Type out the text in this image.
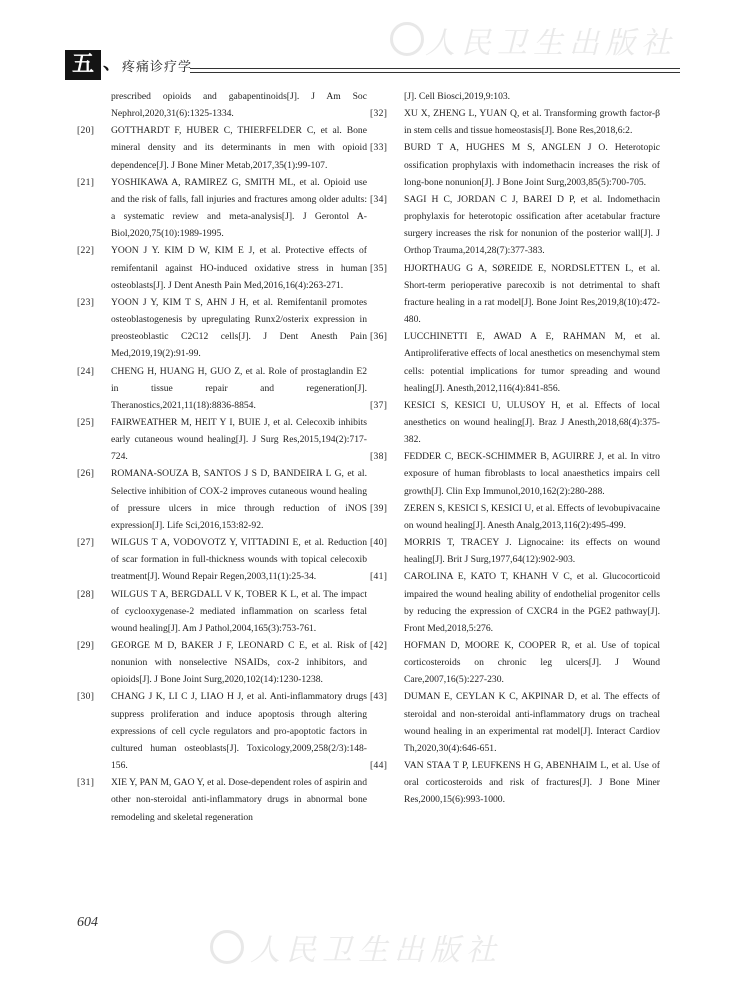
五 、 疼痛诊疗学
人民卫生出版社
人民卫生出版社
prescribed opioids and gabapentinoids[J]. J Am Soc Nephrol,2020,31(6):1325-1334.
[20]	GOTTHARDT F, HUBER C, THIERFELDER C, et al. Bone mineral density and its determinants in men with opioid dependence[J]. J Bone Miner Metab,2017,35(1):99-107.
[21]	YOSHIKAWA A, RAMIREZ G, SMITH ML, et al. Opioid use and the risk of falls, fall injuries and fractures among older adults: a systematic review and meta-analysis[J]. J Gerontol A-Biol,2020,75(10):1989-1995.
[22]	YOON J Y. KIM D W, KIM E J, et al. Protective effects of remifentanil against HO-induced oxidative stress in human osteoblasts[J]. J Dent Anesth Pain Med,2016,16(4):263-271.
[23]	YOON J Y, KIM T S, AHN J H, et al. Remifentanil promotes osteoblastogenesis by upregulating Runx2/osterix expression in preosteoblastic C2C12 cells[J]. J Dent Anesth Pain Med,2019,19(2):91-99.
[24]	CHENG H, HUANG H, GUO Z, et al. Role of prostaglandin E2 in tissue repair and regeneration[J]. Theranostics,2021,11(18):8836-8854.
[25]	FAIRWEATHER M, HEIT Y I, BUIE J, et al. Celecoxib inhibits early cutaneous wound healing[J]. J Surg Res,2015,194(2):717-724.
[26]	ROMANA-SOUZA B, SANTOS J S D, BANDEIRA L G, et al. Selective inhibition of COX-2 improves cutaneous wound healing of pressure ulcers in mice through reduction of iNOS expression[J]. Life Sci,2016,153:82-92.
[27]	WILGUS T A, VODOVOTZ Y, VITTADINI E, et al. Reduction of scar formation in full-thickness wounds with topical celecoxib treatment[J]. Wound Repair Regen,2003,11(1):25-34.
[28]	WILGUS T A, BERGDALL V K, TOBER K L, et al. The impact of cyclooxygenase-2 mediated inflammation on scarless fetal wound healing[J]. Am J Pathol,2004,165(3):753-761.
[29]	GEORGE M D, BAKER J F, LEONARD C E, et al. Risk of nonunion with nonselective NSAIDs, cox-2 inhibitors, and opioids[J]. J Bone Joint Surg,2020,102(14):1230-1238.
[30]	CHANG J K, LI C J, LIAO H J, et al. Anti-inflammatory drugs suppress proliferation and induce apoptosis through altering expressions of cell cycle regulators and pro-apoptotic factors in cultured human osteoblasts[J]. Toxicology,2009,258(2/3):148-156.
[31]	XIE Y, PAN M, GAO Y, et al. Dose-dependent roles of aspirin and other non-steroidal anti-inflammatory drugs in abnormal bone remodeling and skeletal regeneration
[J]. Cell Biosci,2019,9:103.
[32]	XU X, ZHENG L, YUAN Q, et al. Transforming growth factor-β in stem cells and tissue homeostasis[J]. Bone Res,2018,6:2.
[33]	BURD T A, HUGHES M S, ANGLEN J O. Heterotopic ossification prophylaxis with indomethacin increases the risk of long-bone nonunion[J]. J Bone Joint Surg,2003,85(5):700-705.
[34]	SAGI H C, JORDAN C J, BAREI D P, et al. Indomethacin prophylaxis for heterotopic ossification after acetabular fracture surgery increases the risk for nonunion of the posterior wall[J]. J Orthop Trauma,2014,28(7):377-383.
[35]	HJORTHAUG G A, SØREIDE E, NORDSLETTEN L, et al. Short-term perioperative parecoxib is not detrimental to shaft fracture healing in a rat model[J]. Bone Joint Res,2019,8(10):472-480.
[36]	LUCCHINETTI E, AWAD A E, RAHMAN M, et al. Antiproliferative effects of local anesthetics on mesenchymal stem cells: potential implications for tumor spreading and wound healing[J]. Anesth,2012,116(4):841-856.
[37]	KESICI S, KESICI U, ULUSOY H, et al. Effects of local anesthetics on wound healing[J]. Braz J Anesth,2018,68(4):375-382.
[38]	FEDDER C, BECK-SCHIMMER B, AGUIRRE J, et al. In vitro exposure of human fibroblasts to local anaesthetics impairs cell growth[J]. Clin Exp Immunol,2010,162(2):280-288.
[39]	ZEREN S, KESICI S, KESICI U, et al. Effects of levobupivacaine on wound healing[J]. Anesth Analg,2013,116(2):495-499.
[40]	MORRIS T, TRACEY J. Lignocaine: its effects on wound healing[J]. Brit J Surg,1977,64(12):902-903.
[41]	CAROLINA E, KATO T, KHANH V C, et al. Glucocorticoid impaired the wound healing ability of endothelial progenitor cells by reducing the expression of CXCR4 in the PGE2 pathway[J]. Front Med,2018,5:276.
[42]	HOFMAN D, MOORE K, COOPER R, et al. Use of topical corticosteroids on chronic leg ulcers[J]. J Wound Care,2007,16(5):227-230.
[43]	DUMAN E, CEYLAN K C, AKPINAR D, et al. The effects of steroidal and non-steroidal anti-inflammatory drugs on tracheal wound healing in an experimental rat model[J]. Interact Cardiov Th,2020,30(4):646-651.
[44]	VAN STAA T P, LEUFKENS H G, ABENHAIM L, et al. Use of oral corticosteroids and risk of fractures[J]. J Bone Miner Res,2000,15(6):993-1000.
604
